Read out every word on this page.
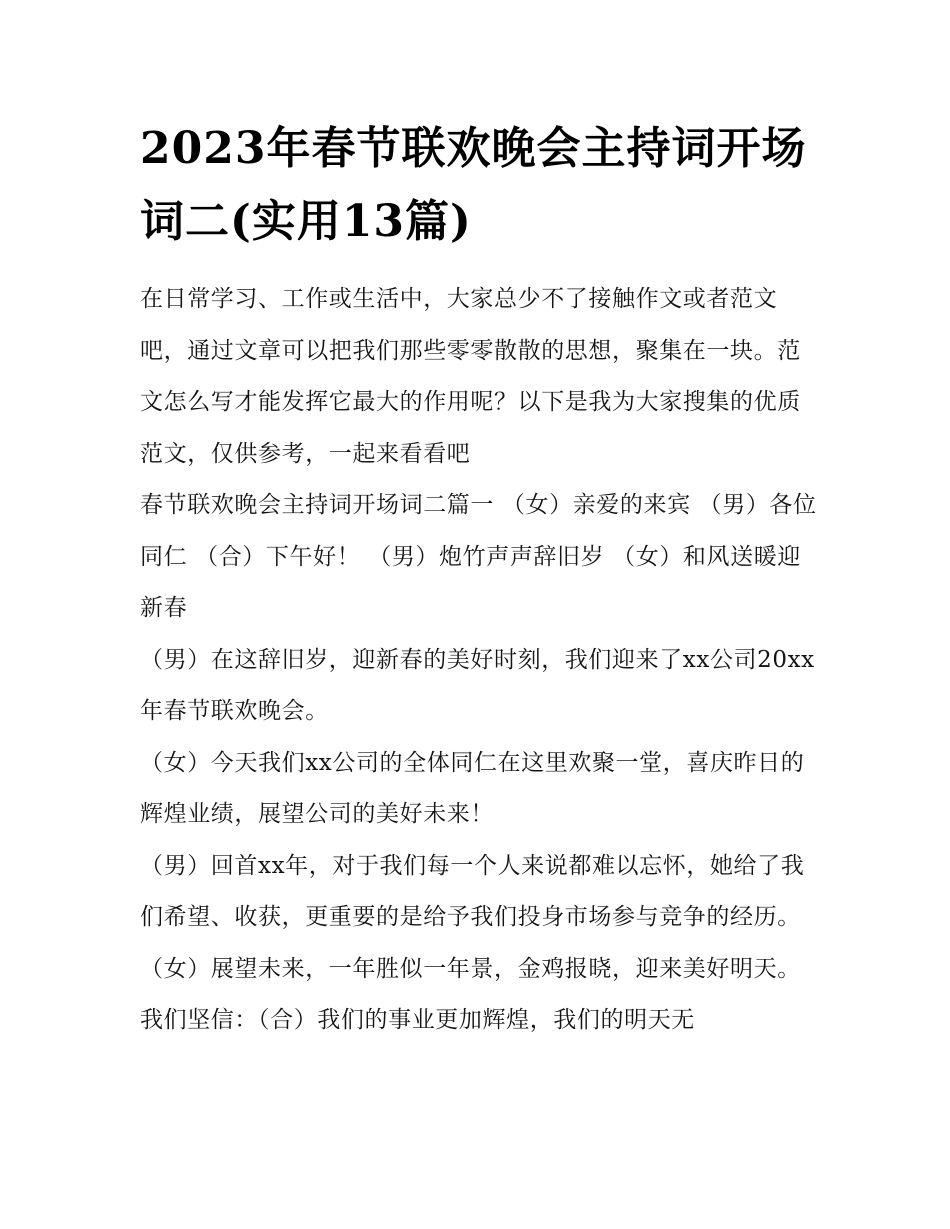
2023年春节联欢晚会主持词开场词二(实用13篇)

在日常学习、工作或生活中，大家总少不了接触作文或者范文吧，通过文章可以把我们那些零零散散的思想，聚集在一块。范文怎么写才能发挥它最大的作用呢？以下是我为大家搜集的优质范文，仅供参考，一起来看看吧

春节联欢晚会主持词开场词二篇一 （女）亲爱的来宾 （男）各位同仁 （合）下午好！ （男）炮竹声声辞旧岁 （女）和风送暖迎新春

（男）在这辞旧岁，迎新春的美好时刻，我们迎来了xx公司20xx年春节联欢晚会。

（女）今天我们xx公司的全体同仁在这里欢聚一堂，喜庆昨日的辉煌业绩，展望公司的美好未来！

（男）回首xx年，对于我们每一个人来说都难以忘怀，她给了我们希望、收获，更重要的是给予我们投身市场参与竞争的经历。

（女）展望未来，一年胜似一年景，金鸡报晓，迎来美好明天。我们坚信：（合）我们的事业更加辉煌，我们的明天无
